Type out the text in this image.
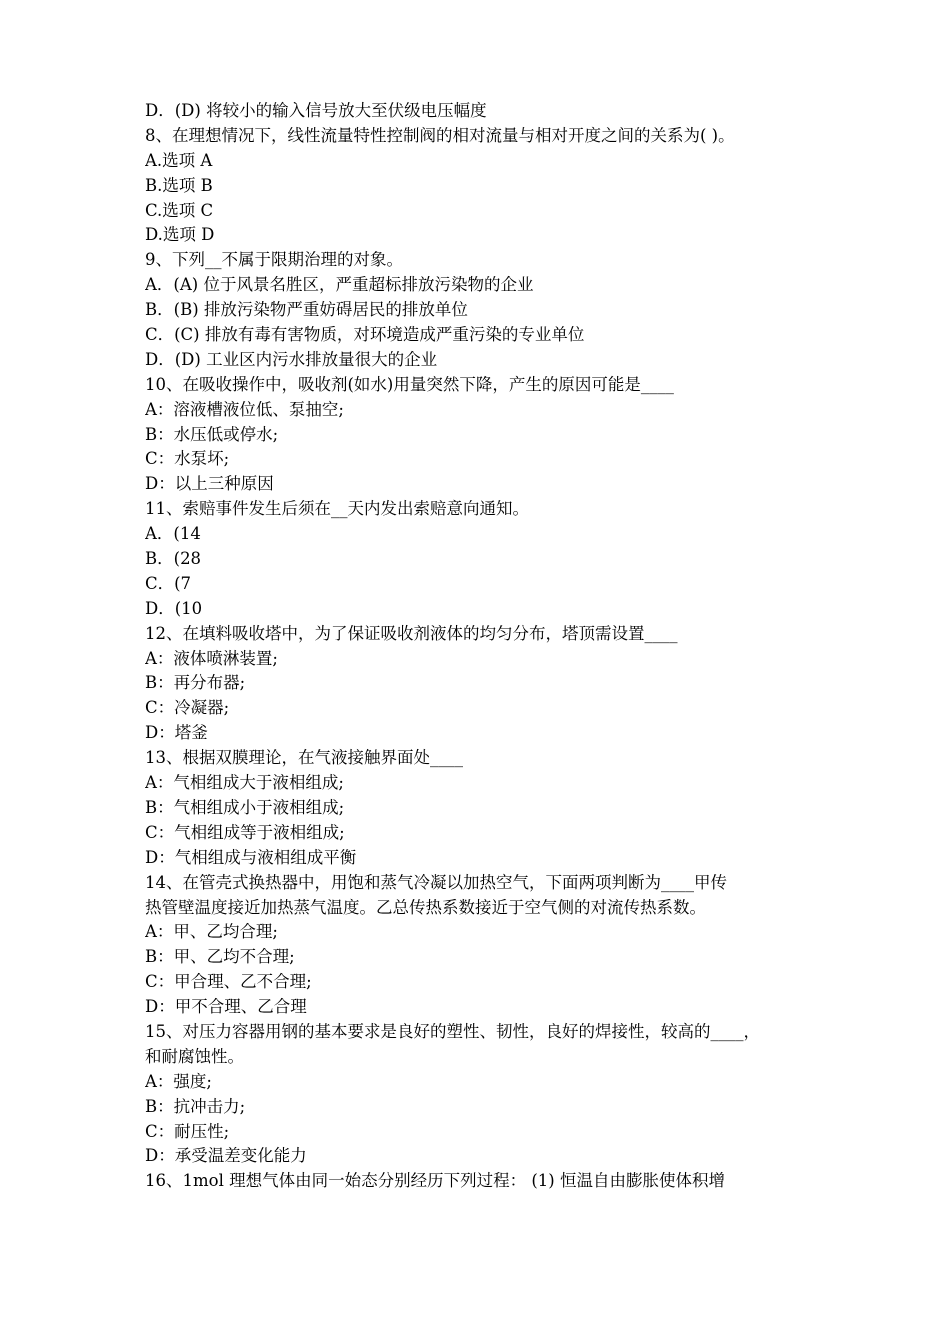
D．(D) 将较小的输入信号放大至伏级电压幅度
8、在理想情况下，线性流量特性控制阀的相对流量与相对开度之间的关系为( )。
A.选项 A
B.选项 B
C.选项 C
D.选项 D
9、下列__不属于限期治理的对象。
A．(A) 位于风景名胜区，严重超标排放污染物的企业
B．(B) 排放污染物严重妨碍居民的排放单位
C．(C) 排放有毒有害物质，对环境造成严重污染的专业单位
D．(D) 工业区内污水排放量很大的企业
10、在吸收操作中，吸收剂(如水)用量突然下降，产生的原因可能是____
A：溶液槽液位低、泵抽空;
B：水压低或停水;
C：水泵坏;
D：以上三种原因
11、索赔事件发生后须在__天内发出索赔意向通知。
A．(14
B．(28
C．(7
D．(10
12、在填料吸收塔中，为了保证吸收剂液体的均匀分布，塔顶需设置____
A：液体喷淋装置;
B：再分布器;
C：冷凝器;
D：塔釜
13、根据双膜理论，在气液接触界面处____
A：气相组成大于液相组成;
B：气相组成小于液相组成;
C：气相组成等于液相组成;
D：气相组成与液相组成平衡
14、在管壳式换热器中，用饱和蒸气冷凝以加热空气，下面两项判断为____甲传
热管壁温度接近加热蒸气温度。乙总传热系数接近于空气侧的对流传热系数。
A：甲、乙均合理;
B：甲、乙均不合理;
C：甲合理、乙不合理;
D：甲不合理、乙合理
15、对压力容器用钢的基本要求是良好的塑性、韧性，良好的焊接性，较高的____，
和耐腐蚀性。
A：强度;
B：抗冲击力;
C：耐压性;
D：承受温差变化能力
16、1mol 理想气体由同一始态分别经历下列过程： (1) 恒温自由膨胀使体积增
